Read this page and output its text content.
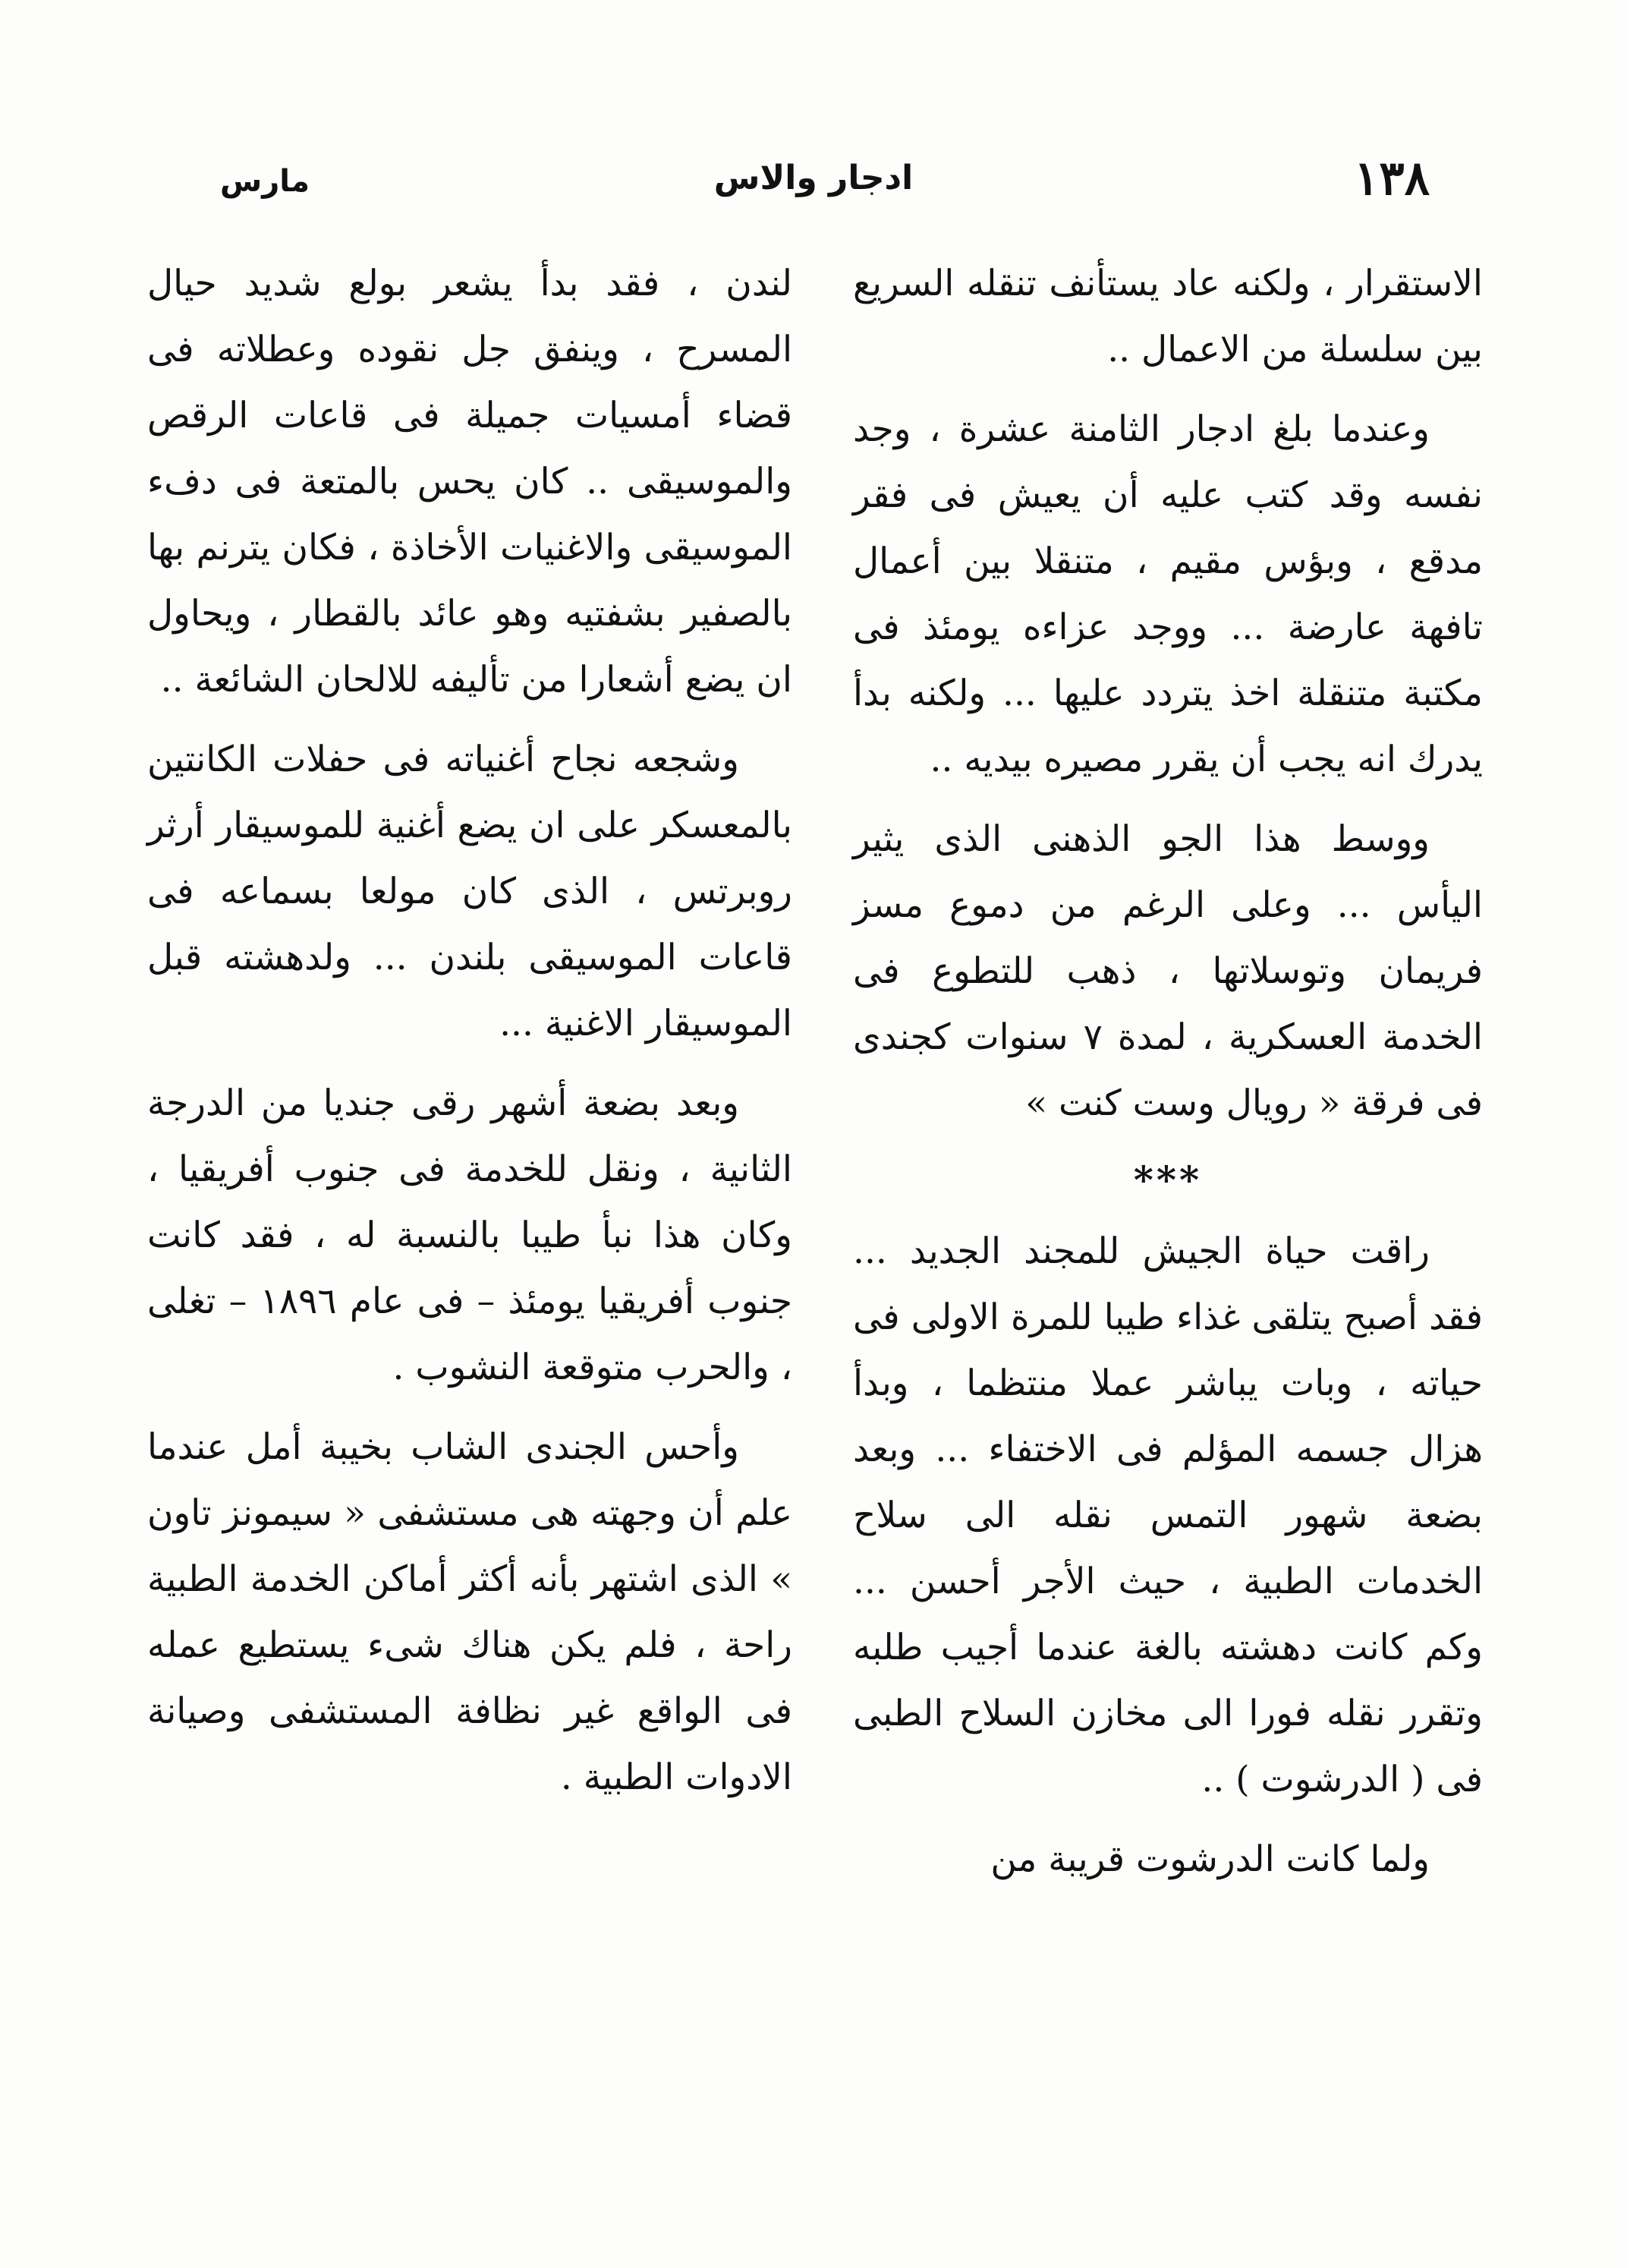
١٣٨
ادجار والاس
مارس

الاستقرار ، ولكنه عاد يستأنف تنقله السريع بين سلسلة من الاعمال ..

وعندما بلغ ادجار الثامنة عشرة ، وجد نفسه وقد كتب عليه أن يعيش فى فقر مدقع ، وبؤس مقيم ، متنقلا بين أعمال تافهة عارضة ... ووجد عزاءه يومئذ فى مكتبة متنقلة اخذ يتردد عليها ... ولكنه بدأ يدرك انه يجب أن يقرر مصيره بيديه ..

ووسط هذا الجو الذهنى الذى يثير اليأس ... وعلى الرغم من دموع مسز فريمان وتوسلاتها ، ذهب للتطوع فى الخدمة العسكرية ، لمدة ٧ سنوات كجندى فى فرقة « رويال وست كنت »

***

راقت حياة الجيش للمجند الجديد ... فقد أصبح يتلقى غذاء طيبا للمرة الاولى فى حياته ، وبات يباشر عملا منتظما ، وبدأ هزال جسمه المؤلم فى الاختفاء ... وبعد بضعة شهور التمس نقله الى سلاح الخدمات الطبية ، حيث الأجر أحسن ... وكم كانت دهشته بالغة عندما أجيب طلبه وتقرر نقله فورا الى مخازن السلاح الطبى فى ( الدرشوت ) ..

ولما كانت الدرشوت قريبة من

لندن ، فقد بدأ يشعر بولع شديد حيال المسرح ، وينفق جل نقوده وعطلاته فى قضاء أمسيات جميلة فى قاعات الرقص والموسيقى .. كان يحس بالمتعة فى دفء الموسيقى والاغنيات الأخاذة ، فكان يترنم بها بالصفير بشفتيه وهو عائد بالقطار ، ويحاول ان يضع أشعارا من تأليفه للالحان الشائعة ..

وشجعه نجاح أغنياته فى حفلات الكانتين بالمعسكر على ان يضع أغنية للموسيقار أرثر روبرتس ، الذى كان مولعا بسماعه فى قاعات الموسيقى بلندن ... ولدهشته قبل الموسيقار الاغنية ...

وبعد بضعة أشهر رقى جنديا من الدرجة الثانية ، ونقل للخدمة فى جنوب أفريقيا ، وكان هذا نبأ طيبا بالنسبة له ، فقد كانت جنوب أفريقيا يومئذ – فى عام ١٨٩٦ – تغلى ، والحرب متوقعة النشوب .

وأحس الجندى الشاب بخيبة أمل عندما علم أن وجهته هى مستشفى « سيمونز تاون » الذى اشتهر بأنه أكثر أماكن الخدمة الطبية راحة ، فلم يكن هناك شىء يستطيع عمله فى الواقع غير نظافة المستشفى وصيانة الادوات الطبية .
